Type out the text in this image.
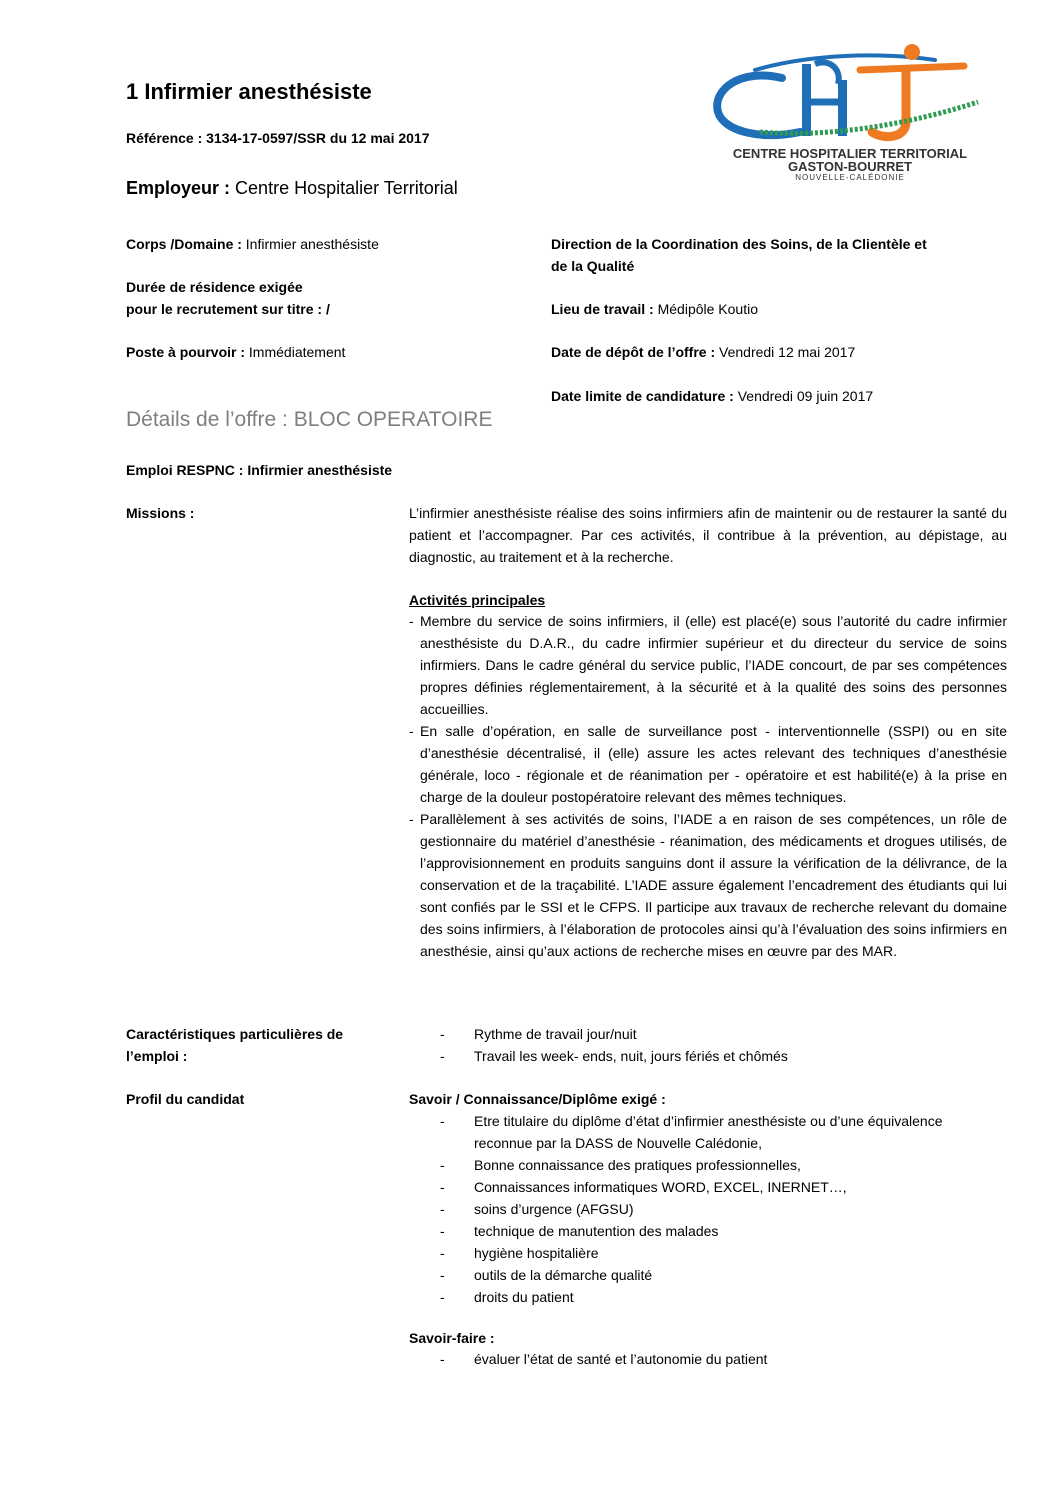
1 Infirmier anesthésiste
Référence : 3134-17-0597/SSR du 12 mai 2017
Employeur : Centre Hospitalier Territorial
CENTRE HOSPITALIER TERRITORIAL
GASTON-BOURRET
NOUVELLE-CALÉDONIE
Corps /Domaine : Infirmier anesthésiste
Durée de résidence exigée
pour le recrutement sur titre : /
Poste à pourvoir : Immédiatement
Direction de la Coordination des Soins, de la Clientèle et
de la Qualité
Lieu de travail : Médipôle Koutio
Date de dépôt de l’offre : Vendredi 12 mai 2017
Date limite de candidature : Vendredi 09 juin 2017
Détails de l’offre : BLOC OPERATOIRE
Emploi RESPNC : Infirmier anesthésiste
Missions :	L’infirmier anesthésiste réalise des soins infirmiers afin de maintenir ou de restaurer la santé du patient et l’accompagner. Par ces activités, il contribue à la prévention, au dépistage, au diagnostic, au traitement et à la recherche.
Activités principales
- Membre du service de soins infirmiers, il (elle) est placé(e) sous l’autorité du cadre infirmier anesthésiste du D.A.R., du cadre infirmier supérieur et du directeur du service de soins infirmiers. Dans le cadre général du service public, l’IADE concourt, de par ses compétences propres définies réglementairement, à la sécurité et à la qualité des soins des personnes accueillies.
- En salle d’opération, en salle de surveillance post - interventionnelle (SSPI) ou en site d’anesthésie décentralisé, il (elle) assure les actes relevant des techniques d’anesthésie générale, loco - régionale et de réanimation per - opératoire et est habilité(e) à la prise en charge de la douleur postopératoire relevant des mêmes techniques.
- Parallèlement à ses activités de soins, l’IADE a en raison de ses compétences, un rôle de gestionnaire du matériel d’anesthésie - réanimation, des médicaments et drogues utilisés, de l’approvisionnement en produits sanguins dont il assure la vérification de la délivrance, de la conservation et de la traçabilité. L’IADE assure également l’encadrement des étudiants qui lui sont confiés par le SSI et le CFPS. Il participe aux travaux de recherche relevant du domaine des soins infirmiers, à l’élaboration de protocoles ainsi qu’à l’évaluation des soins infirmiers en anesthésie, ainsi qu’aux actions de recherche mises en œuvre par des MAR.
Caractéristiques particulières de
l’emploi :
- Rythme de travail jour/nuit
- Travail les week- ends, nuit, jours fériés et chômés
Profil du candidat	Savoir / Connaissance/Diplôme exigé :
- Etre titulaire du diplôme d’état d’infirmier anesthésiste ou d’une équivalence reconnue par la DASS de Nouvelle Calédonie,
- Bonne connaissance des pratiques professionnelles,
- Connaissances informatiques WORD, EXCEL, INERNET…,
- soins d’urgence (AFGSU)
- technique de manutention des malades
- hygiène hospitalière
- outils de la démarche qualité
- droits du patient
Savoir-faire :
- évaluer l’état de santé et l’autonomie du patient
